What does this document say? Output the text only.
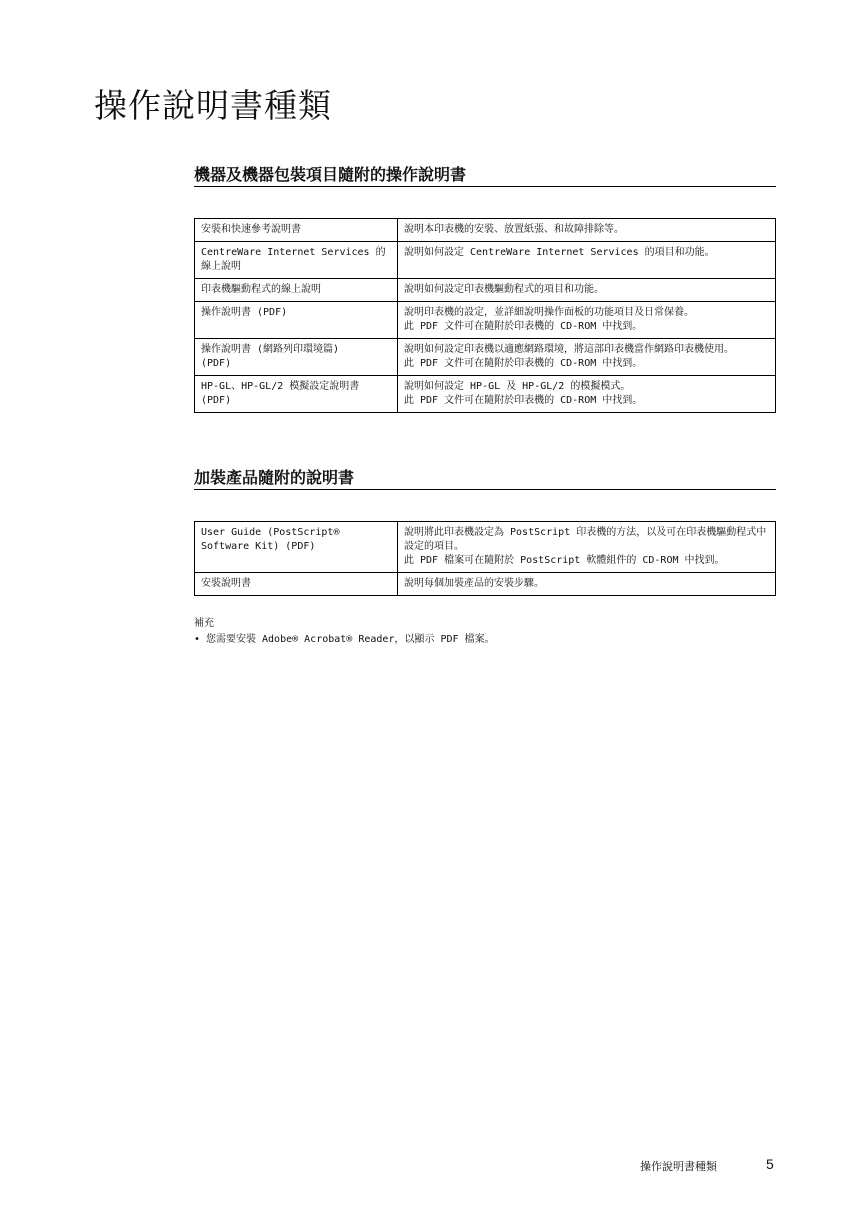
操作說明書種類
機器及機器包裝項目隨附的操作說明書
安裝和快速參考說明書	說明本印表機的安裝、放置紙張、和故障排除等。
CentreWare Internet Services 的線上說明	說明如何設定 CentreWare Internet Services 的項目和功能。
印表機驅動程式的線上說明	說明如何設定印表機驅動程式的項目和功能。
操作說明書 (PDF)	說明印表機的設定，並詳細說明操作面板的功能項目及日常保養。
此 PDF 文件可在隨附於印表機的 CD-ROM 中找到。
操作說明書 (網路列印環境篇)
(PDF)	說明如何設定印表機以適應網路環境，將這部印表機當作網路印表機使用。
此 PDF 文件可在隨附於印表機的 CD-ROM 中找到。
HP-GL、HP-GL/2 模擬設定說明書
(PDF)	說明如何設定 HP-GL 及 HP-GL/2 的模擬模式。
此 PDF 文件可在隨附於印表機的 CD-ROM 中找到。
加裝產品隨附的說明書
User Guide (PostScript®
Software Kit) (PDF)	說明將此印表機設定為 PostScript 印表機的方法，以及可在印表機驅動程式中設定的項目。
此 PDF 檔案可在隨附於 PostScript 軟體組件的 CD-ROM 中找到。
安裝說明書	說明每個加裝產品的安裝步驟。
補充
• 您需要安裝 Adobe® Acrobat® Reader，以顯示 PDF 檔案。
操作說明書種類	5
